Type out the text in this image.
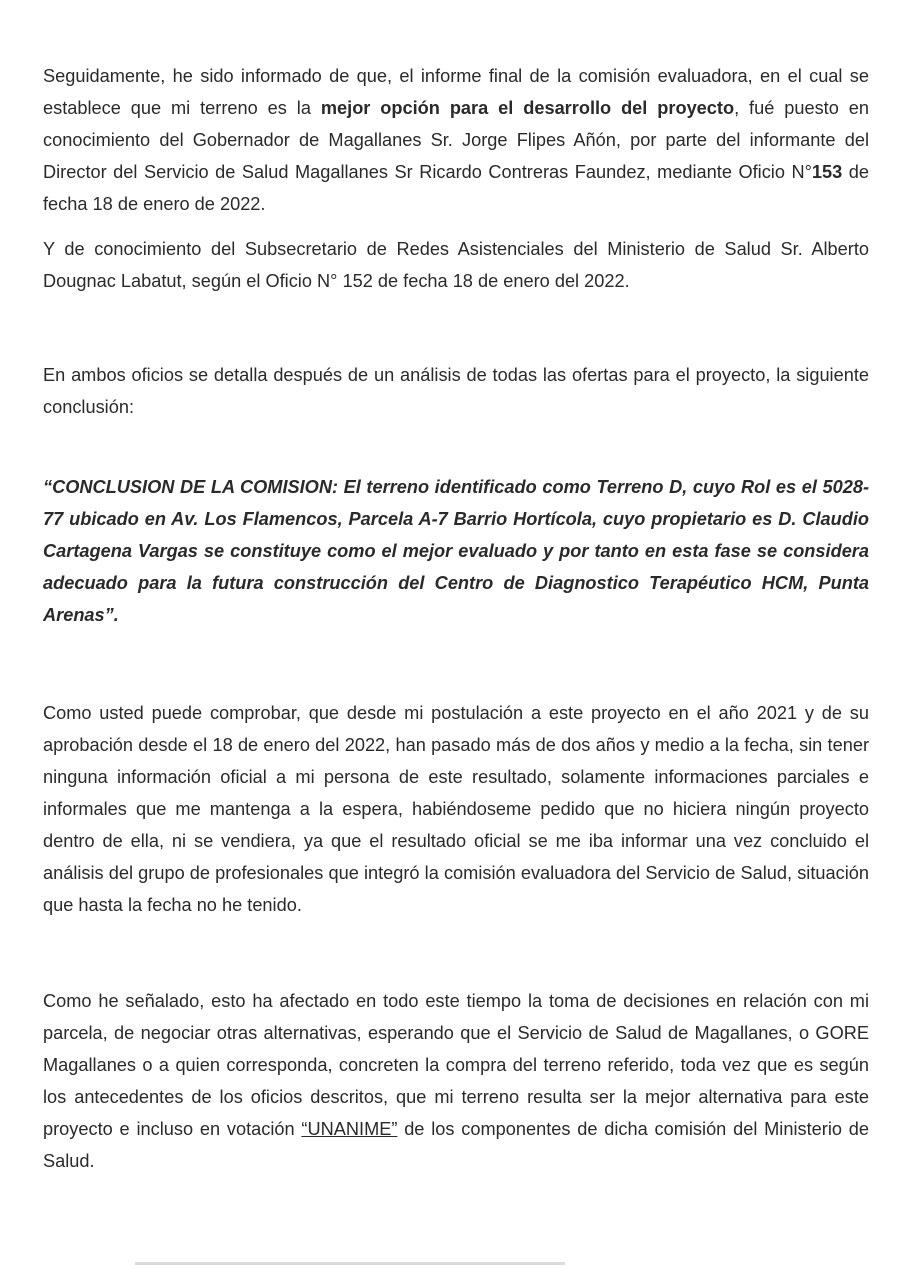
Seguidamente, he sido informado de que, el informe final de la comisión evaluadora, en el cual se establece que mi terreno es la mejor opción para el desarrollo del proyecto, fué puesto en conocimiento del Gobernador de Magallanes Sr. Jorge Flipes Añón, por parte del informante del Director del Servicio de Salud Magallanes Sr Ricardo Contreras Faundez, mediante Oficio N°153 de fecha 18 de enero de 2022.

Y de conocimiento del Subsecretario de Redes Asistenciales del Ministerio de Salud Sr. Alberto Dougnac Labatut, según el Oficio N° 152 de fecha 18 de enero del 2022.

En ambos oficios se detalla después de un análisis de todas las ofertas para el proyecto, la siguiente conclusión:

“CONCLUSION DE LA COMISION: El terreno identificado como Terreno D, cuyo Rol es el 5028-77 ubicado en Av. Los Flamencos, Parcela A-7 Barrio Hortícola, cuyo propietario es D. Claudio Cartagena Vargas se constituye como el mejor evaluado y por tanto en esta fase se considera adecuado para la futura construcción del Centro de Diagnostico Terapéutico HCM, Punta Arenas”.

Como usted puede comprobar, que desde mi postulación a este proyecto en el año 2021 y de su aprobación desde el 18 de enero del 2022, han pasado más de dos años y medio a la fecha, sin tener ninguna información oficial a mi persona de este resultado, solamente informaciones parciales e informales que me mantenga a la espera, habiéndoseme pedido que no hiciera ningún proyecto dentro de ella, ni se vendiera, ya que el resultado oficial se me iba informar una vez concluido el análisis del grupo de profesionales que integró la comisión evaluadora del Servicio de Salud, situación que hasta la fecha no he tenido.

Como he señalado, esto ha afectado en todo este tiempo la toma de decisiones en relación con mi parcela, de negociar otras alternativas, esperando que el Servicio de Salud de Magallanes, o GORE Magallanes o a quien corresponda, concreten la compra del terreno referido, toda vez que es según los antecedentes de los oficios descritos, que mi terreno resulta ser la mejor alternativa para este proyecto e incluso en votación “UNANIME” de los componentes de dicha comisión del Ministerio de Salud.
